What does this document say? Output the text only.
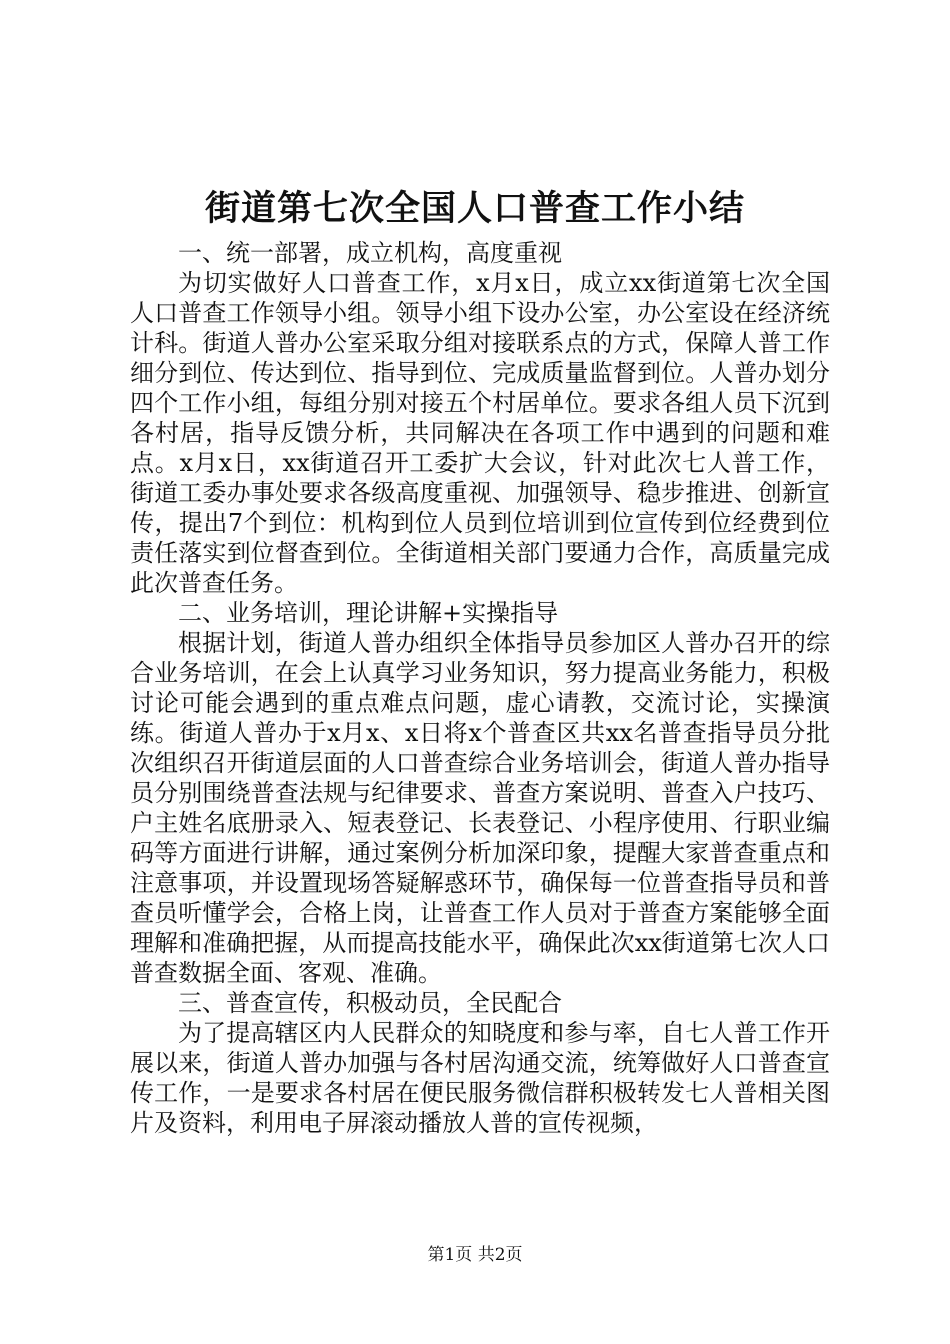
街道第七次全国人口普查工作小结

一、统一部署，成立机构，高度重视

为切实做好人口普查工作，x月x日，成立xx街道第七次全国人口普查工作领导小组。领导小组下设办公室，办公室设在经济统计科。街道人普办公室采取分组对接联系点的方式，保障人普工作细分到位、传达到位、指导到位、完成质量监督到位。人普办划分四个工作小组，每组分别对接五个村居单位。要求各组人员下沉到各村居，指导反馈分析，共同解决在各项工作中遇到的问题和难点。x月x日，xx街道召开工委扩大会议，针对此次七人普工作，街道工委办事处要求各级高度重视、加强领导、稳步推进、创新宣传，提出7个到位：机构到位人员到位培训到位宣传到位经费到位责任落实到位督查到位。全街道相关部门要通力合作，高质量完成此次普查任务。

二、业务培训，理论讲解+实操指导

根据计划，街道人普办组织全体指导员参加区人普办召开的综合业务培训，在会上认真学习业务知识，努力提高业务能力，积极讨论可能会遇到的重点难点问题，虚心请教，交流讨论，实操演练。街道人普办于x月x、x日将x个普查区共xx名普查指导员分批次组织召开街道层面的人口普查综合业务培训会，街道人普办指导员分别围绕普查法规与纪律要求、普查方案说明、普查入户技巧、户主姓名底册录入、短表登记、长表登记、小程序使用、行职业编码等方面进行讲解，通过案例分析加深印象，提醒大家普查重点和注意事项，并设置现场答疑解惑环节，确保每一位普查指导员和普查员听懂学会，合格上岗，让普查工作人员对于普查方案能够全面理解和准确把握，从而提高技能水平，确保此次xx街道第七次人口普查数据全面、客观、准确。

三、普查宣传，积极动员，全民配合

为了提高辖区内人民群众的知晓度和参与率，自七人普工作开展以来，街道人普办加强与各村居沟通交流，统筹做好人口普查宣传工作，一是要求各村居在便民服务微信群积极转发七人普相关图片及资料，利用电子屏滚动播放人普的宣传视频，

第1页 共2页
